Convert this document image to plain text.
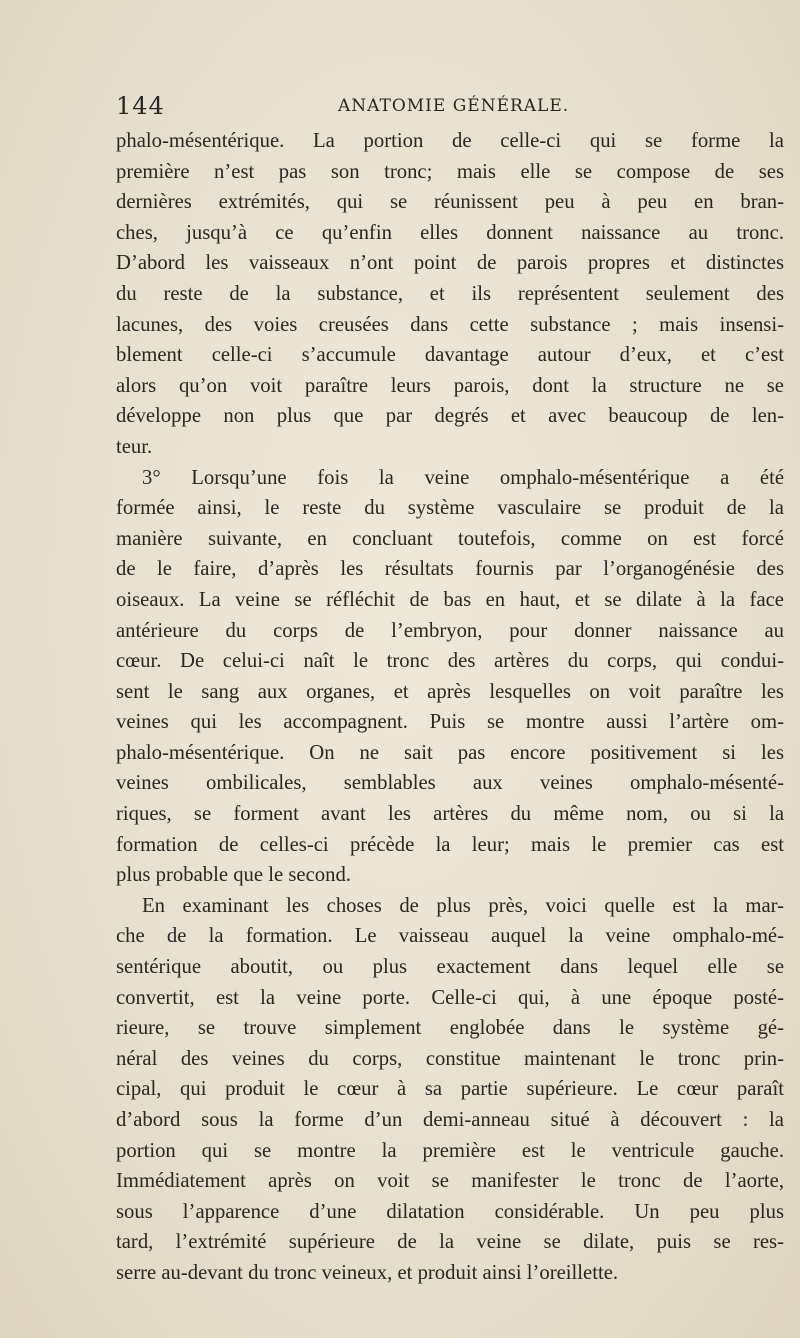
144	ANATOMIE GÉNÉRALE.
phalo-mésentérique. La portion de celle-ci qui se forme la
première n’est pas son tronc; mais elle se compose de ses
dernières extrémités, qui se réunissent peu à peu en bran-
ches, jusqu’à ce qu’enfin elles donnent naissance au tronc.
D’abord les vaisseaux n’ont point de parois propres et distinctes
du reste de la substance, et ils représentent seulement des
lacunes, des voies creusées dans cette substance ; mais insensi-
blement celle-ci s’accumule davantage autour d’eux, et c’est
alors qu’on voit paraître leurs parois, dont la structure ne se
développe non plus que par degrés et avec beaucoup de len-
teur.
3° Lorsqu’une fois la veine omphalo-mésentérique a été
formée ainsi, le reste du système vasculaire se produit de la
manière suivante, en concluant toutefois, comme on est forcé
de le faire, d’après les résultats fournis par l’organogénésie des
oiseaux. La veine se réfléchit de bas en haut, et se dilate à la face
antérieure du corps de l’embryon, pour donner naissance au
cœur. De celui-ci naît le tronc des artères du corps, qui condui-
sent le sang aux organes, et après lesquelles on voit paraître les
veines qui les accompagnent. Puis se montre aussi l’artère om-
phalo-mésentérique. On ne sait pas encore positivement si les
veines ombilicales, semblables aux veines omphalo-mésenté-
riques, se forment avant les artères du même nom, ou si la
formation de celles-ci précède la leur; mais le premier cas est
plus probable que le second.
En examinant les choses de plus près, voici quelle est la mar-
che de la formation. Le vaisseau auquel la veine omphalo-mé-
sentérique aboutit, ou plus exactement dans lequel elle se
convertit, est la veine porte. Celle-ci qui, à une époque posté-
rieure, se trouve simplement englobée dans le système gé-
néral des veines du corps, constitue maintenant le tronc prin-
cipal, qui produit le cœur à sa partie supérieure. Le cœur paraît
d’abord sous la forme d’un demi-anneau situé à découvert : la
portion qui se montre la première est le ventricule gauche.
Immédiatement après on voit se manifester le tronc de l’aorte,
sous l’apparence d’une dilatation considérable. Un peu plus
tard, l’extrémité supérieure de la veine se dilate, puis se res-
serre au-devant du tronc veineux, et produit ainsi l’oreillette.
